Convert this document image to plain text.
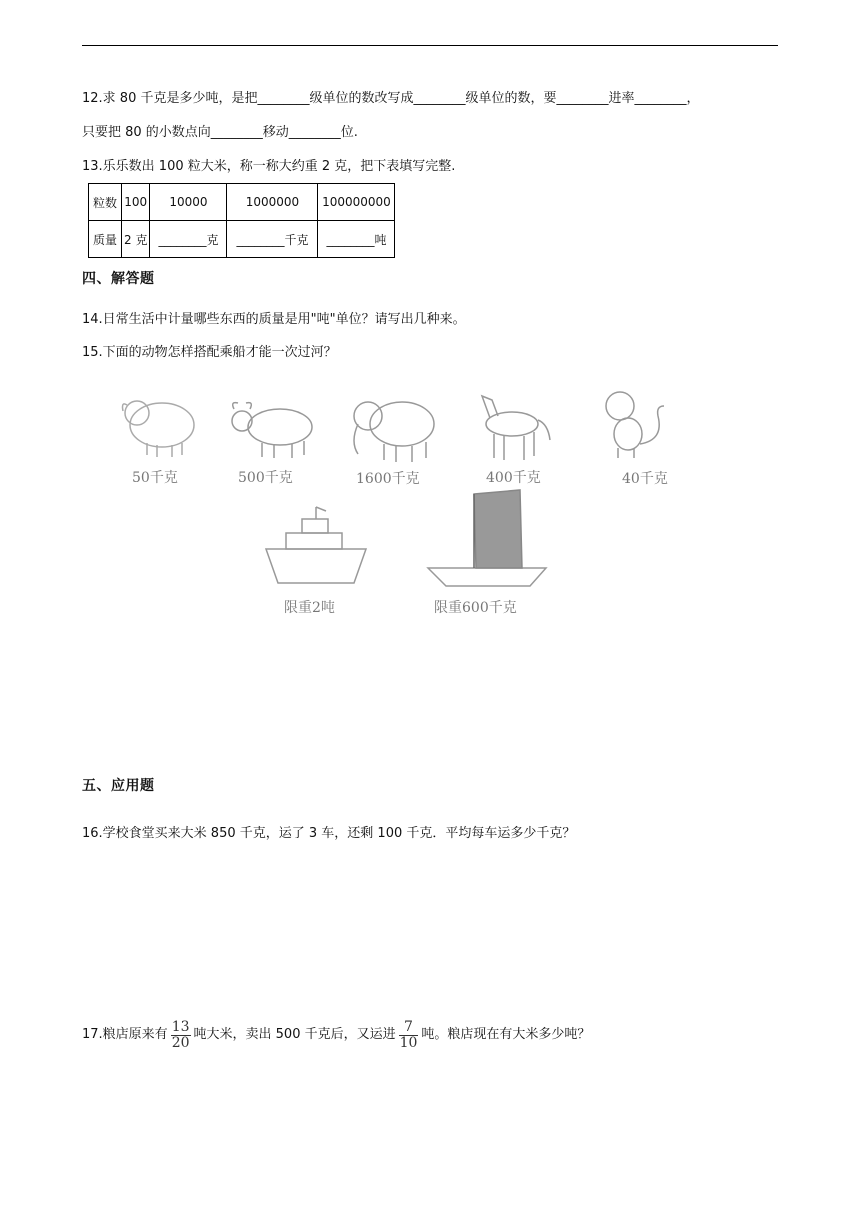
12.求 80 千克是多少吨，是把________级单位的数改写成________级单位的数，要________进率________，
只要把 80 的小数点向________移动________位.
13.乐乐数出 100 粒大米，称一称大约重 2 克，把下表填写完整.
粒数	100	10000	1000000	100000000
质量	2 克	________克	________千克	________吨
四、解答题
14.日常生活中计量哪些东西的质量是用"吨"单位？请写出几种来。
15.下面的动物怎样搭配乘船才能一次过河？
50千克	500千克	1600千克	400千克	40千克
限重2吨	限重600千克
五、应用题
16.学校食堂买来大米 850 千克，运了 3 车，还剩 100 千克．平均每车运多少千克？
17.粮店原来有 $\frac{13}{20}$ 吨大米，卖出 500 千克后，又运进 $\frac{7}{10}$ 吨。粮店现在有大米多少吨？
